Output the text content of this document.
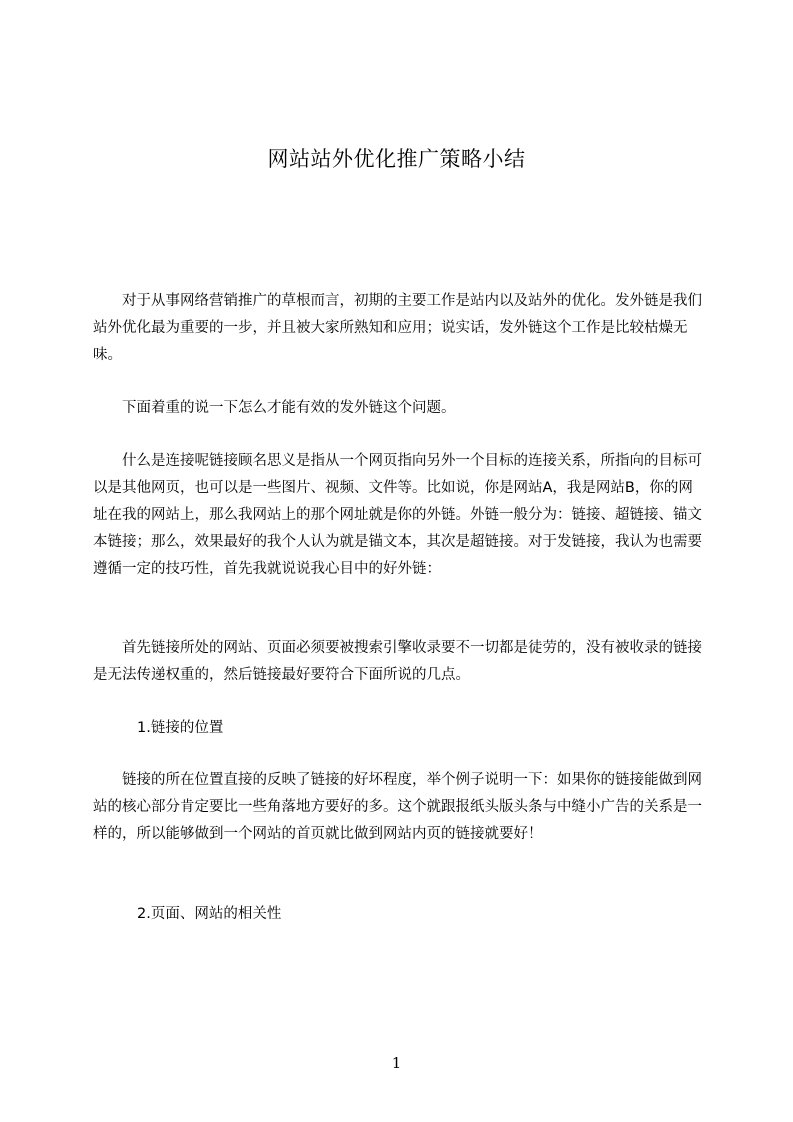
网站站外优化推广策略小结

对于从事网络营销推广的草根而言，初期的主要工作是站内以及站外的优化。发外链是我们站外优化最为重要的一步，并且被大家所熟知和应用；说实话，发外链这个工作是比较枯燥无味。

下面着重的说一下怎么才能有效的发外链这个问题。

什么是连接呢链接顾名思义是指从一个网页指向另外一个目标的连接关系，所指向的目标可以是其他网页，也可以是一些图片、视频、文件等。比如说，你是网站A，我是网站B，你的网址在我的网站上，那么我网站上的那个网址就是你的外链。外链一般分为：链接、超链接、锚文本链接；那么，效果最好的我个人认为就是锚文本，其次是超链接。对于发链接，我认为也需要遵循一定的技巧性，首先我就说说我心目中的好外链：

首先链接所处的网站、页面必须要被搜索引擎收录要不一切都是徒劳的，没有被收录的链接是无法传递权重的，然后链接最好要符合下面所说的几点。

1.链接的位置

链接的所在位置直接的反映了链接的好坏程度，举个例子说明一下：如果你的链接能做到网站的核心部分肯定要比一些角落地方要好的多。这个就跟报纸头版头条与中缝小广告的关系是一样的，所以能够做到一个网站的首页就比做到网站内页的链接就要好！

2.页面、网站的相关性

1
